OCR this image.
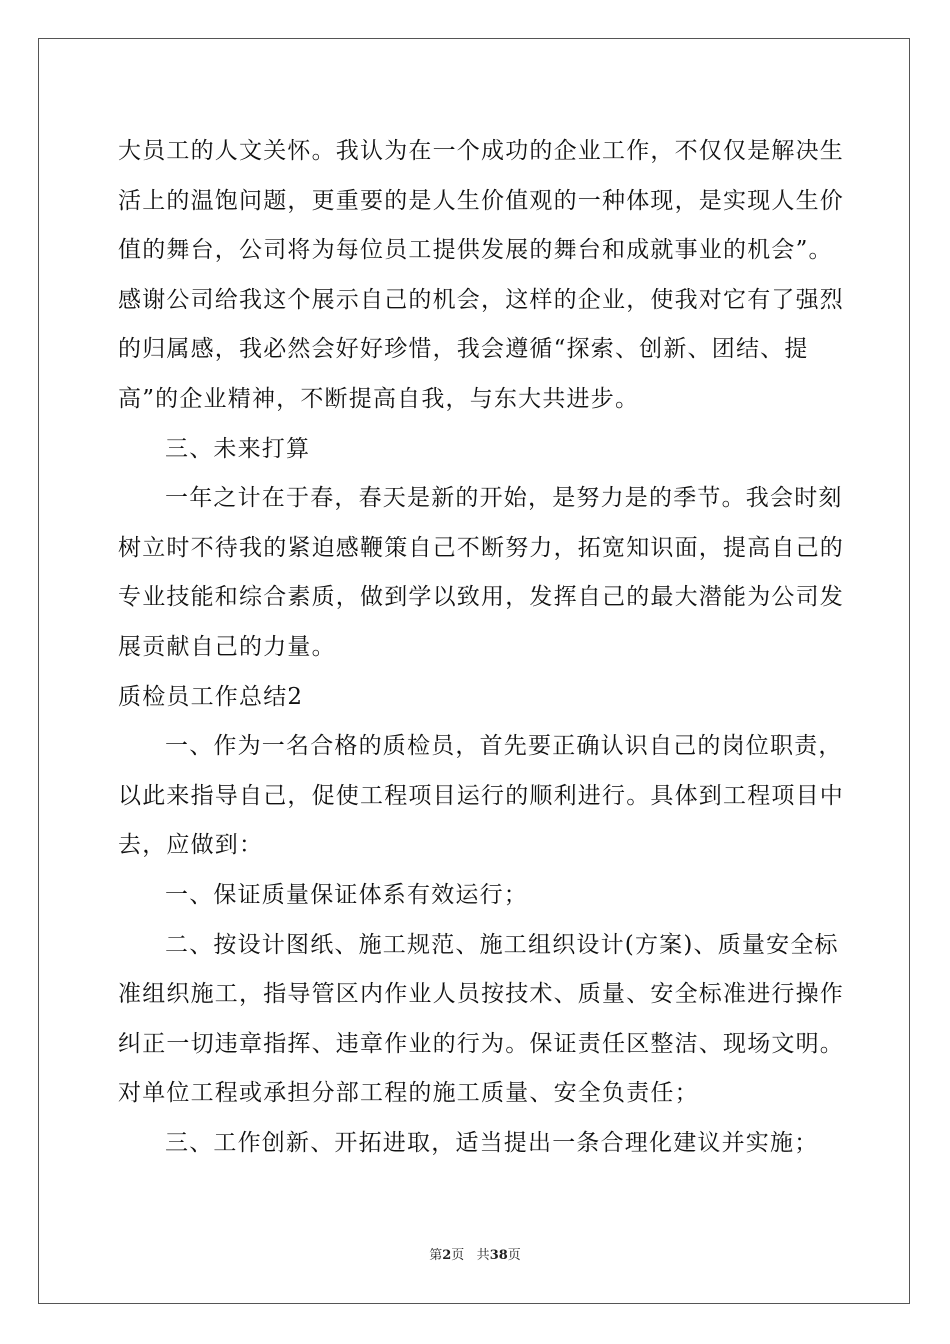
大员工的人文关怀。我认为在一个成功的企业工作，不仅仅是解决生
活上的温饱问题，更重要的是人生价值观的一种体现，是实现人生价
值的舞台，公司将为每位员工提供发展的舞台和成就事业的机会”。
感谢公司给我这个展示自己的机会，这样的企业，使我对它有了强烈
的归属感，我必然会好好珍惜，我会遵循“探索、创新、团结、提
高”的企业精神，不断提高自我，与东大共进步。
三、未来打算
一年之计在于春，春天是新的开始，是努力是的季节。我会时刻
树立时不待我的紧迫感鞭策自己不断努力，拓宽知识面，提高自己的
专业技能和综合素质，做到学以致用，发挥自己的最大潜能为公司发
展贡献自己的力量。
质检员工作总结2
一、作为一名合格的质检员，首先要正确认识自己的岗位职责，
以此来指导自己，促使工程项目运行的顺利进行。具体到工程项目中
去，应做到：
一、保证质量保证体系有效运行；
二、按设计图纸、施工规范、施工组织设计(方案)、质量安全标
准组织施工，指导管区内作业人员按技术、质量、安全标准进行操作
纠正一切违章指挥、违章作业的行为。保证责任区整洁、现场文明。
对单位工程或承担分部工程的施工质量、安全负责任；
三、工作创新、开拓进取，适当提出一条合理化建议并实施；
第2页 共38页
